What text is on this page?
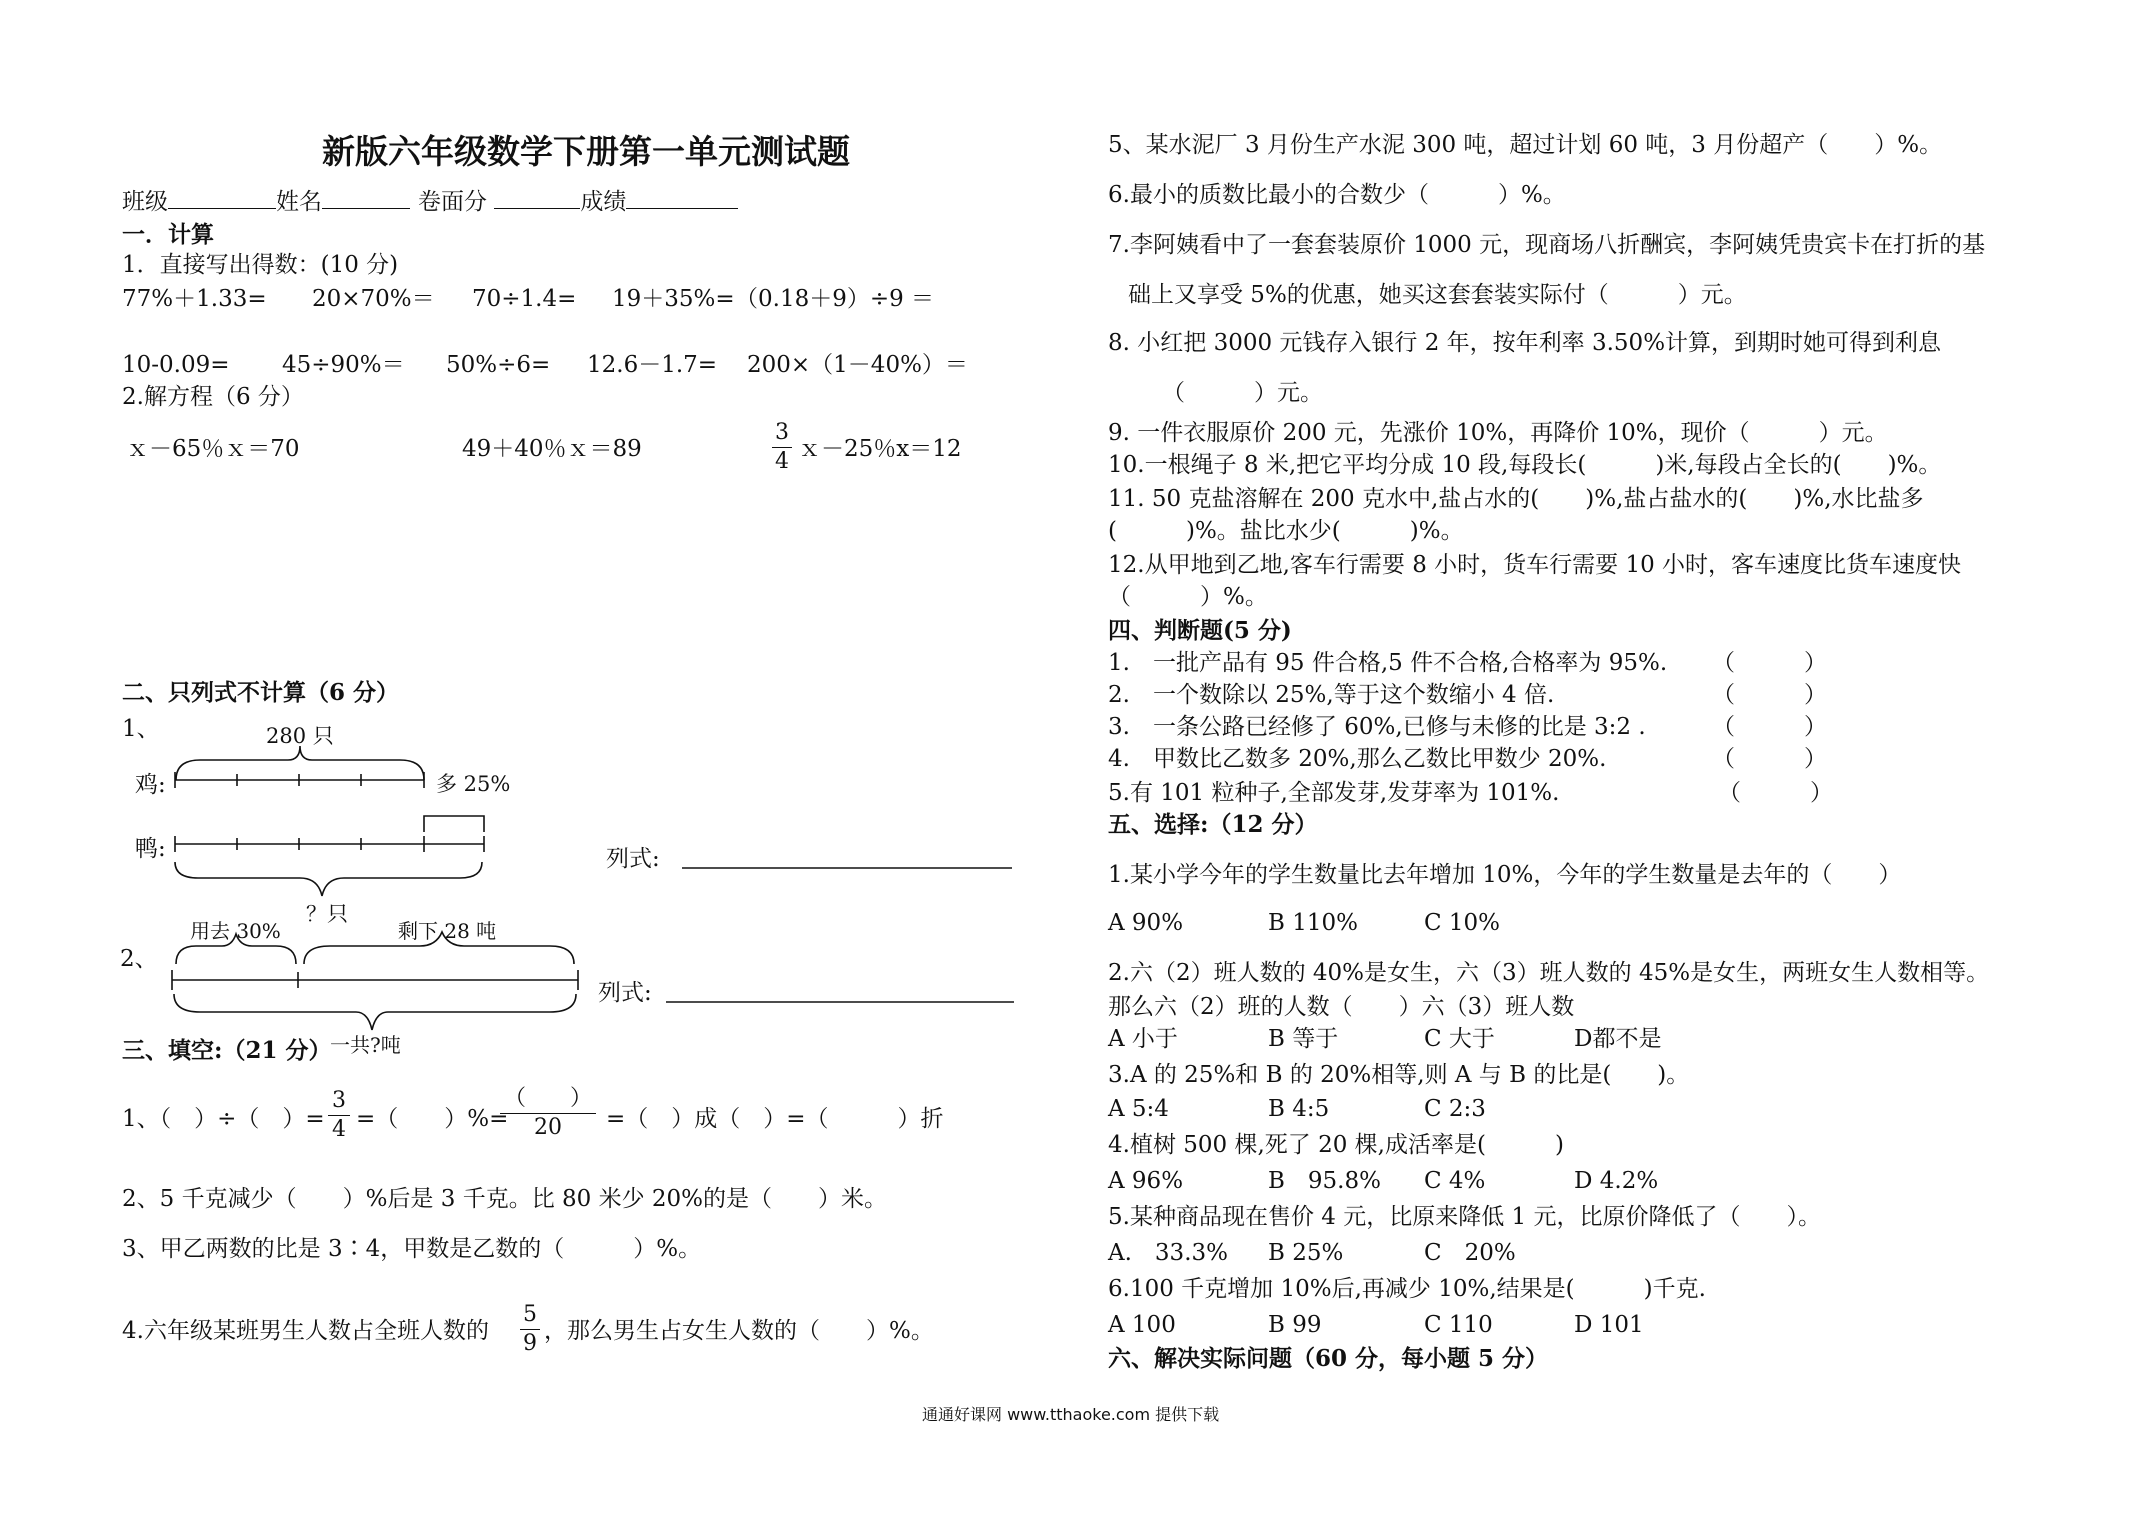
新版六年级数学下册第一单元测试题
班级	姓名	卷面分	成绩
一．计算
1．直接写出得数：(10 分)
77%＋1.33= 20×70%＝ 70÷1.4= 19＋35%= （0.18＋9）÷9 ＝
10-0.09= 45÷90%＝ 50%÷6= 12.6－1.7= 200×（1－40%）＝
2.解方程（6 分）
ｘ－65％ｘ＝70	49＋40％ｘ＝89
3
4 ｘ－25％x＝12
二、只列式不计算（6 分）
1、	280 只
鸡:	多 25%
鸭:	列式:
？只
2、
用去 30%	剩下 28 吨
列式:
一共?吨
三、填空:（21 分）
1、（　）÷（　）=
3
4 =（　　）%=
（　　）
20	=（　）成（　）=（　　　）折
2、5 千克减少（　　）%后是 3 千克。比 80 米少 20%的是（　　）米。
3、甲乙两数的比是 3∶4，甲数是乙数的（　　　）%。
4.六年级某班男生人数占全班人数的
5
9 ，那么男生占女生人数的（　　）%。
5、某水泥厂 3 月份生产水泥 300 吨，超过计划 60 吨，3 月份超产（　　）%。
6.最小的质数比最小的合数少（　　　）%。
7.李阿姨看中了一套套装原价 1000 元，现商场八折酬宾，李阿姨凭贵宾卡在打折的基
础上又享受 5%的优惠，她买这套套装实际付（　　　）元。
8. 小红把 3000 元钱存入银行 2 年，按年利率 3.50%计算，到期时她可得到利息
（　　　）元。
9. 一件衣服原价 200 元，先涨价 10%，再降价 10%，现价（　　　）元。
10.一根绳子 8 米,把它平均分成 10 段,每段长(　　　)米,每段占全长的(　　)%。
11. 50 克盐溶解在 200 克水中,盐占水的(　　)%,盐占盐水的(　　)%,水比盐多
(　　　)%。盐比水少(　　　)%。
12.从甲地到乙地,客车行需要 8 小时，货车行需要 10 小时，客车速度比货车速度快
（　　　）%。
四、判断题(5 分)
1.　一批产品有 95 件合格,5 件不合格,合格率为 95%. （　　　）
2.　一个数除以 25%,等于这个数缩小 4 倍.	（　　　）
3.　一条公路已经修了 60%,已修与未修的比是 3:2 .	（　　　）
4.　甲数比乙数多 20%,那么乙数比甲数少 20%.	（　　　）
5.有 101 粒种子,全部发芽,发芽率为 101%.	（　　　）
五、选择:（12 分）
1.某小学今年的学生数量比去年增加 10%，今年的学生数量是去年的（　　）
A 90%	B 110%	C 10%
2.六（2）班人数的 40%是女生，六（3）班人数的 45%是女生，两班女生人数相等。
那么六（2）班的人数（　　）六（3）班人数
A 小于	B 等于	C 大于	D都不是
3.A 的 25%和 B 的 20%相等,则 A 与 B 的比是(　　)。
A 5:4	B 4:5	C 2:3
4.植树 500 棵,死了 20 棵,成活率是(　　　)
A 96%	B　95.8% C 4%	D 4.2%
5.某种商品现在售价 4 元，比原来降低 1 元，比原价降低了（　　）。
A.　33.3% B 25%	C　20%
6.100 千克增加 10%后,再减少 10%,结果是(　　　)千克.
A 100	B 99	C 110	D 101
六、解决实际问题（60 分，每小题 5 分）
通通好课网 www.tthaoke.com 提供下载
